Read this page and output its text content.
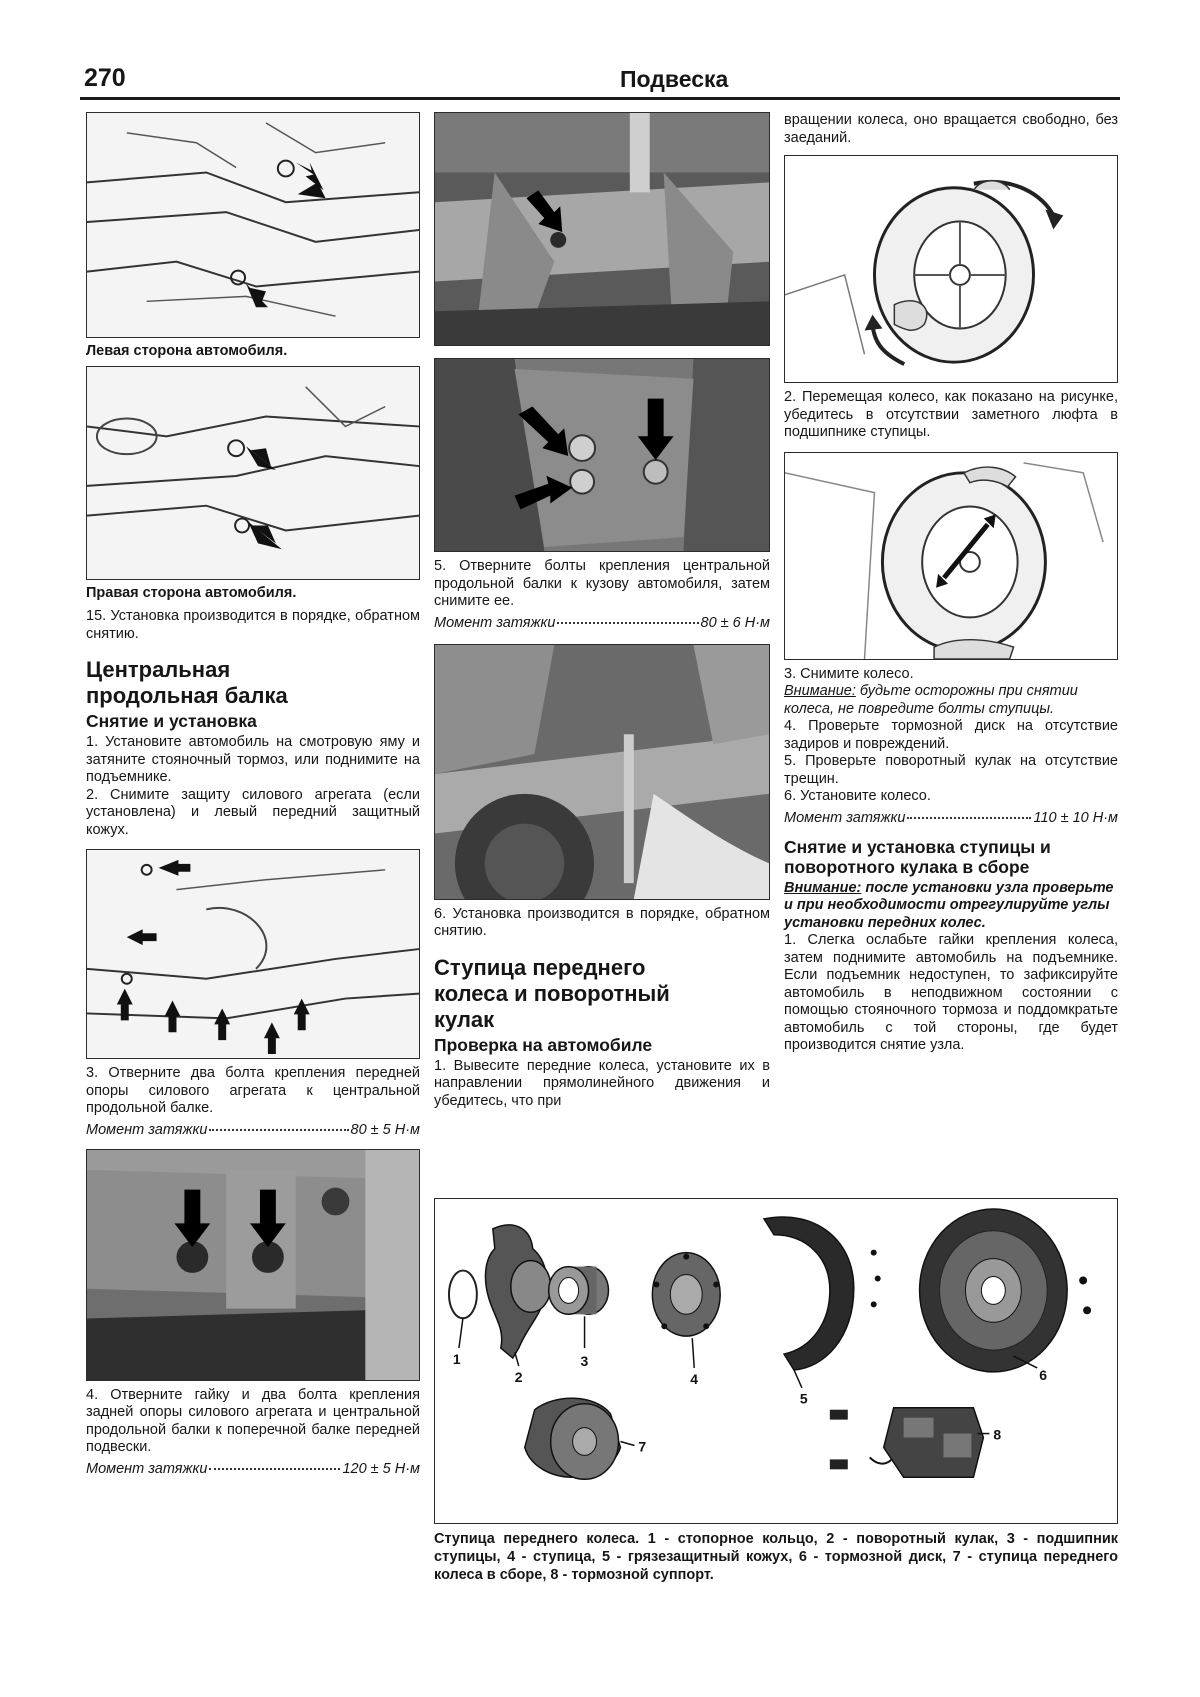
270	Подвеска
Левая сторона автомобиля.
Правая сторона автомобиля.

15. Установка производится в порядке, обратном снятию.

Центральная
продольная балка
Снятие и установка

1. Установите автомобиль на смотровую яму и затяните стояночный тормоз, или поднимите на подъемнике.

2. Снимите защиту силового агрегата (если установлена) и левый передний защитный кожух.

3. Отверните два болта крепления передней опоры силового агрегата к центральной продольной балке.

Момент затяжки	80 ± 5 Н·м

4. Отверните гайку и два болта крепления задней опоры силового агрегата и центральной продольной балки к поперечной балке передней подвески.

Момент затяжки	120 ± 5 Н·м

5. Отверните болты крепления центральной продольной балки к кузову автомобиля, затем снимите ее.

Момент затяжки	80 ± 6 Н·м

6. Установка производится в порядке, обратном снятию.

Ступица переднего
колеса и поворотный
кулак
Проверка на автомобиле

1. Вывесите передние колеса, установите их в направлении прямолинейного движения и убедитесь, что при

вращении колеса, оно вращается свободно, без заеданий.

2. Перемещая колесо, как показано на рисунке, убедитесь в отсутствии заметного люфта в подшипнике ступицы.

3. Снимите колесо.

Внимание: будьте осторожны при снятии колеса, не повредите болты ступицы.

4. Проверьте тормозной диск на отсутствие задиров и повреждений.

5. Проверьте поворотный кулак на отсутствие трещин.

6. Установите колесо.

Момент затяжки	110 ± 10 Н·м
Снятие и установка ступицы и поворотного кулака в сборе

Внимание: после установки узла проверьте и при необходимости отрегулируйте углы установки передних колес.

1. Слегка ослабьте гайки крепления колеса, затем поднимите автомобиль на подъемнике. Если подъемник недоступен, то зафиксируйте автомобиль в неподвижном состоянии с помощью стояночного тормоза и поддомкратьте автомобиль с той стороны, где будет производится снятие узла.

1
2
3
4
5
6
7
8
Ступица переднего колеса. 1 - стопорное кольцо, 2 - поворотный кулак, 3 - подшипник ступицы, 4 - ступица, 5 - грязезащитный кожух, 6 - тормозной диск, 7 - ступица переднего колеса в сборе, 8 - тормозной суппорт.
